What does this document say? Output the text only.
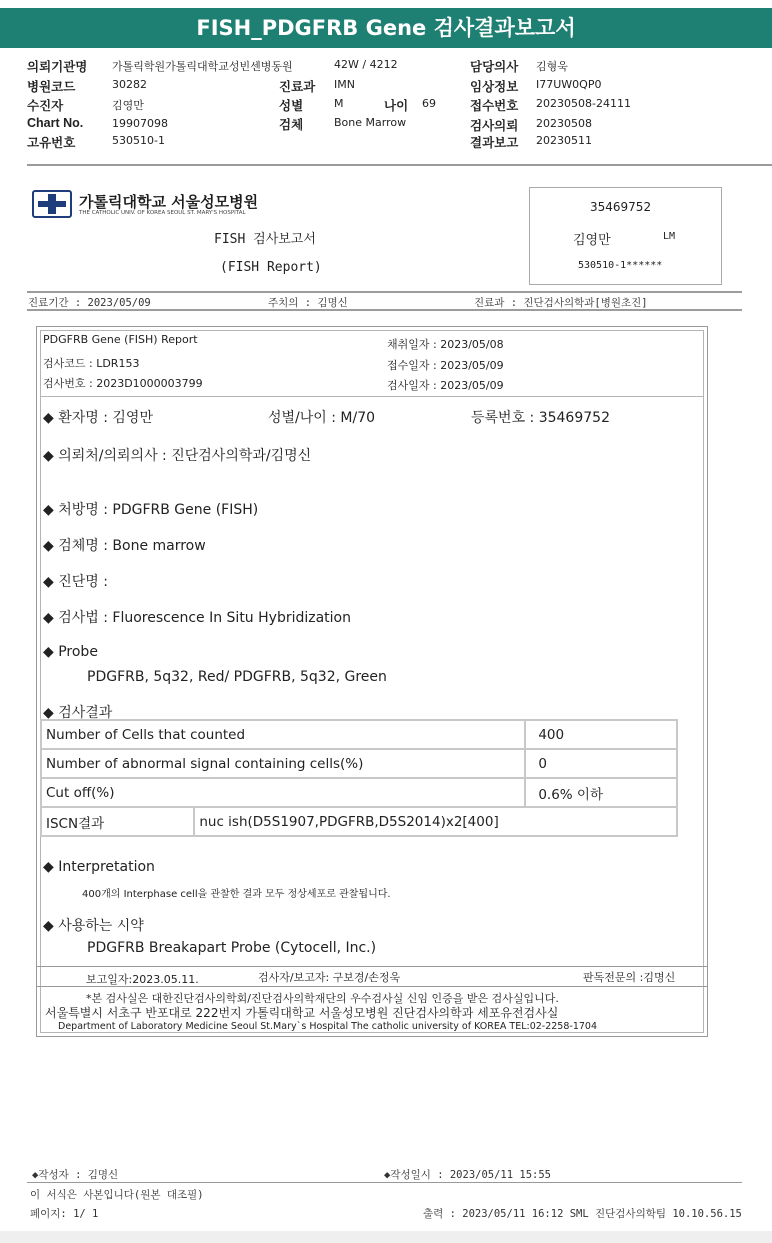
FISH_PDGFRB Gene 검사결과보고서
의뢰기관명 가톨릭학원가톨릭대학교성빈센병동원	42W / 4212	담당의사 김형욱
병원코드	30282	진료과 IMN	임상정보 I77UW0QP0
수진자	김영만	성별	M	나이 69	접수번호 20230508-24111
Chart No.	19907098	검체	Bone Marrow	검사의뢰 20230508
고유번호	530510-1	결과보고 20230511
가톨릭대학교 서울성모병원
THE CATHOLIC UNIV. OF KOREA SEOUL ST. MARY'S HOSPITAL
FISH 검사보고서
(FISH Report)
35469752
김영만	LM
530510-1******
진료기간 : 2023/05/09	주치의 : 김명신	진료과 : 진단검사의학과[병원초진]
PDGFRB Gene (FISH) Report
검사코드 : LDR153
검사번호 : 2023D1000003799
채취일자 : 2023/05/08
접수일자 : 2023/05/09
검사일자 : 2023/05/09
◆ 환자명 : 김영만	성별/나이 : M/70	등록번호 : 35469752
◆ 의뢰처/의뢰의사 : 진단검사의학과/김명신
◆ 처방명 : PDGFRB Gene (FISH)
◆ 검체명 : Bone marrow
◆ 진단명 :
◆ 검사법 : Fluorescence In Situ Hybridization
◆ Probe
PDGFRB, 5q32, Red/ PDGFRB, 5q32, Green
◆ 검사결과
Number of Cells that counted		400
Number of abnormal signal containing cells(%)		0
Cut off(%)		0.6% 이하
ISCN결과	nuc ish(D5S1907,PDGFRB,D5S2014)x2[400]	
◆ Interpretation
400개의 Interphase cell을 관찰한 결과 모두 정상세포로 관찰됩니다.
◆ 사용하는 시약
PDGFRB Breakapart Probe (Cytocell, Inc.)
보고일자:2023.05.11.	검사자/보고자: 구보경/손정욱	판독전문의 :김명신
*본 검사실은 대한진단검사의학회/진단검사의학재단의 우수검사실 신임 인증을 받은 검사실입니다.
서울특별시 서초구 반포대로 222번지 가톨릭대학교 서울성모병원 진단검사의학과 세포유전검사실
Department of Laboratory Medicine Seoul St.Mary`s Hospital The catholic university of KOREA TEL:02-2258-1704
◆작성자 : 김명신	◆작성일시 : 2023/05/11 15:55
이 서식은 사본입니다(원본 대조필)
페이지: 1/ 1	출력 : 2023/05/11 16:12 SML 진단검사의학팀 10.10.56.15
